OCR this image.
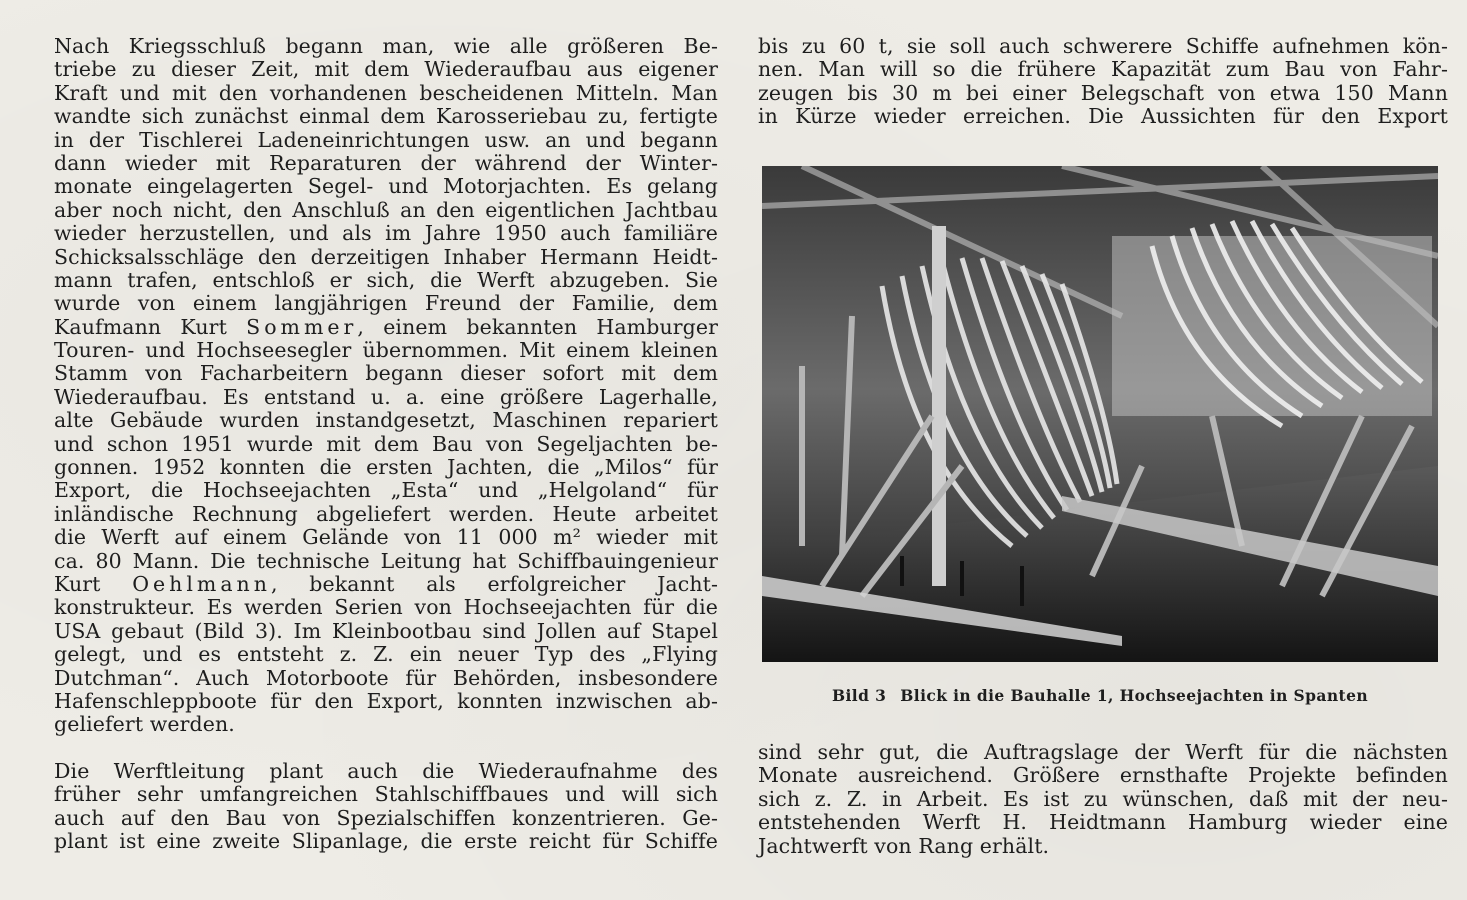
Nach Kriegsschluß begann man, wie alle größeren Be-
triebe zu dieser Zeit, mit dem Wiederaufbau aus eigener
Kraft und mit den vorhandenen bescheidenen Mitteln. Man
wandte sich zunächst einmal dem Karosseriebau zu, fertigte
in der Tischlerei Ladeneinrichtungen usw. an und begann
dann wieder mit Reparaturen der während der Winter-
monate eingelagerten Segel- und Motorjachten. Es gelang
aber noch nicht, den Anschluß an den eigentlichen Jachtbau
wieder herzustellen, und als im Jahre 1950 auch familiäre
Schicksalsschläge den derzeitigen Inhaber Hermann Heidt-
mann trafen, entschloß er sich, die Werft abzugeben. Sie
wurde von einem langjährigen Freund der Familie, dem
Kaufmann Kurt Sommer, einem bekannten Hamburger
Touren- und Hochseesegler übernommen. Mit einem kleinen
Stamm von Facharbeitern begann dieser sofort mit dem
Wiederaufbau. Es entstand u. a. eine größere Lagerhalle,
alte Gebäude wurden instandgesetzt, Maschinen repariert
und schon 1951 wurde mit dem Bau von Segeljachten be-
gonnen. 1952 konnten die ersten Jachten, die „Milos“ für
Export, die Hochseejachten „Esta“ und „Helgoland“ für
inländische Rechnung abgeliefert werden. Heute arbeitet
die Werft auf einem Gelände von 11 000 m² wieder mit
ca. 80 Mann. Die technische Leitung hat Schiffbauingenieur
Kurt Oehlmann, bekannt als erfolgreicher Jacht-
konstrukteur. Es werden Serien von Hochseejachten für die
USA gebaut (Bild 3). Im Kleinbootbau sind Jollen auf Stapel
gelegt, und es entsteht z. Z. ein neuer Typ des „Flying
Dutchman“. Auch Motorboote für Behörden, insbesondere
Hafenschleppboote für den Export, konnten inzwischen ab-
geliefert werden.
Die Werftleitung plant auch die Wiederaufnahme des
früher sehr umfangreichen Stahlschiffbaues und will sich
auch auf den Bau von Spezialschiffen konzentrieren. Ge-
plant ist eine zweite Slipanlage, die erste reicht für Schiffe
bis zu 60 t, sie soll auch schwerere Schiffe aufnehmen kön-
nen. Man will so die frühere Kapazität zum Bau von Fahr-
zeugen bis 30 m bei einer Belegschaft von etwa 150 Mann
in Kürze wieder erreichen. Die Aussichten für den Export
Bild 3 Blick in die Bauhalle 1, Hochseejachten in Spanten
sind sehr gut, die Auftragslage der Werft für die nächsten
Monate ausreichend. Größere ernsthafte Projekte befinden
sich z. Z. in Arbeit. Es ist zu wünschen, daß mit der neu-
entstehenden Werft H. Heidtmann Hamburg wieder eine
Jachtwerft von Rang erhält.
